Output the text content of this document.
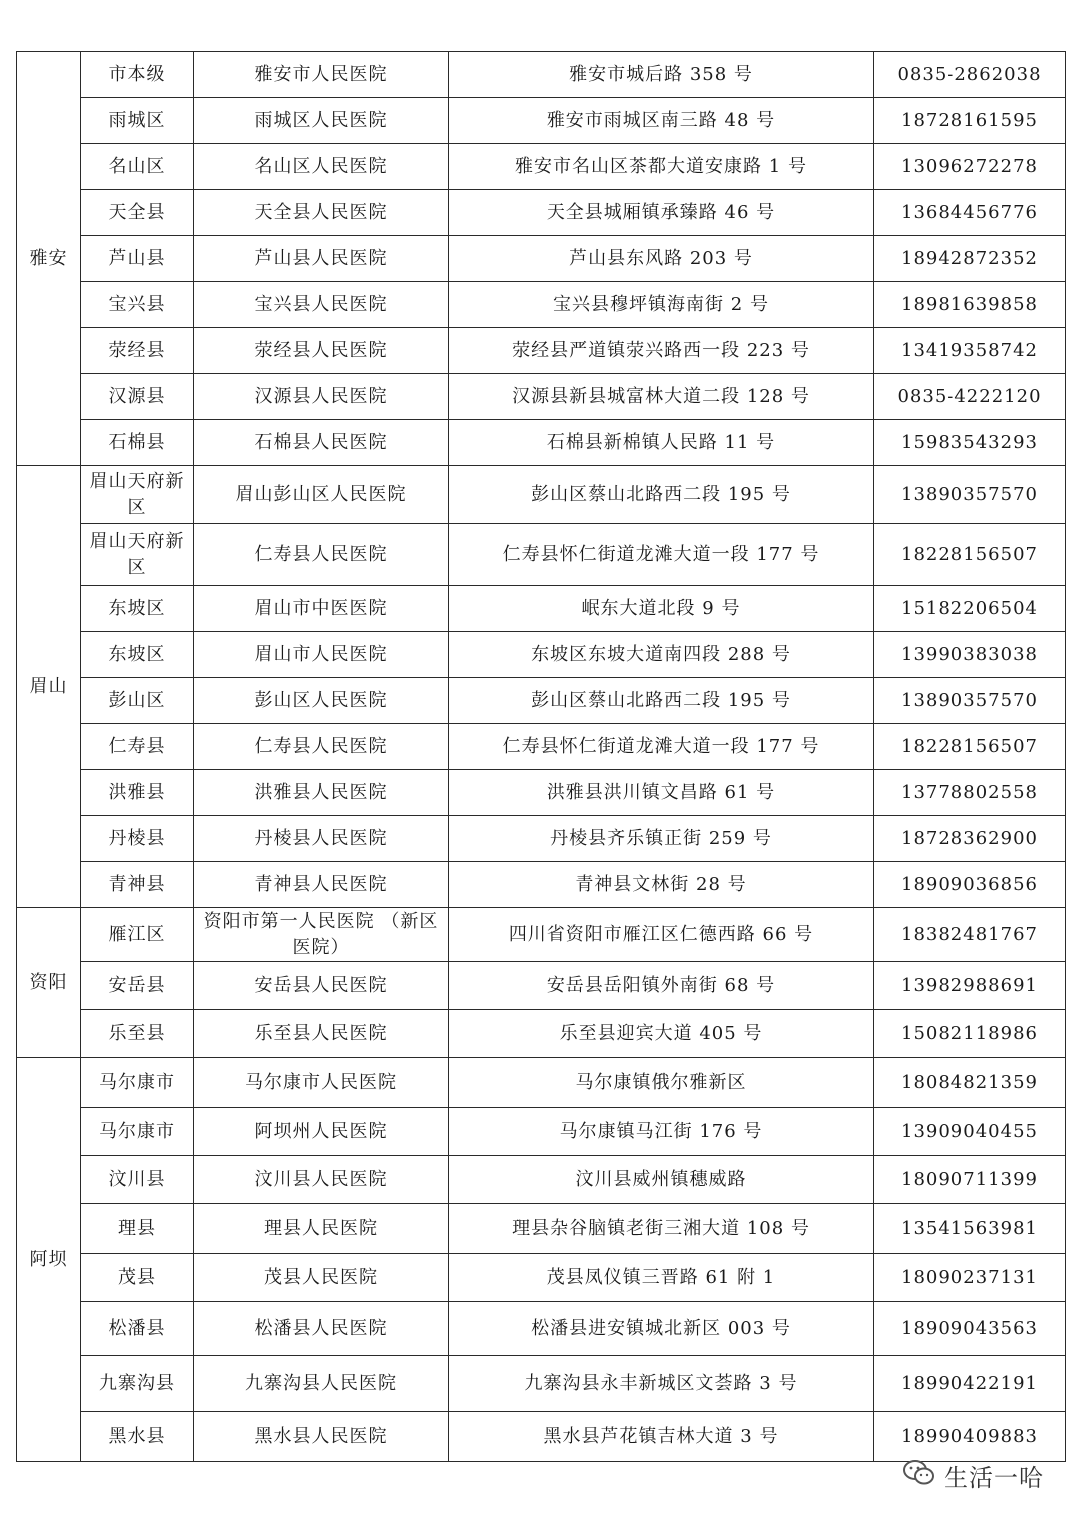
雅安	市本级	雅安市人民医院	雅安市城后路 358 号	0835-2862038
	雨城区	雨城区人民医院	雅安市雨城区南三路 48 号	18728161595
	名山区	名山区人民医院	雅安市名山区茶都大道安康路 1 号	13096272278
	天全县	天全县人民医院	天全县城厢镇承臻路 46 号	13684456776
	芦山县	芦山县人民医院	芦山县东风路 203 号	18942872352
	宝兴县	宝兴县人民医院	宝兴县穆坪镇海南街 2 号	18981639858
	荥经县	荥经县人民医院	荥经县严道镇荥兴路西一段 223 号	13419358742
	汉源县	汉源县人民医院	汉源县新县城富林大道二段 128 号	0835-4222120
	石棉县	石棉县人民医院	石棉县新棉镇人民路 11 号	15983543293
眉山	眉山天府新区	眉山彭山区人民医院	彭山区蔡山北路西二段 195 号	13890357570
	眉山天府新区	仁寿县人民医院	仁寿县怀仁街道龙滩大道一段 177 号	18228156507
	东坡区	眉山市中医医院	岷东大道北段 9 号	15182206504
	东坡区	眉山市人民医院	东坡区东坡大道南四段 288 号	13990383038
	彭山区	彭山区人民医院	彭山区蔡山北路西二段 195 号	13890357570
	仁寿县	仁寿县人民医院	仁寿县怀仁街道龙滩大道一段 177 号	18228156507
	洪雅县	洪雅县人民医院	洪雅县洪川镇文昌路 61 号	13778802558
	丹棱县	丹棱县人民医院	丹棱县齐乐镇正街 259 号	18728362900
	青神县	青神县人民医院	青神县文林街 28 号	18909036856
资阳	雁江区	资阳市第一人民医院 （新区医院）	四川省资阳市雁江区仁德西路 66 号	18382481767
	安岳县	安岳县人民医院	安岳县岳阳镇外南街 68 号	13982988691
	乐至县	乐至县人民医院	乐至县迎宾大道 405 号	15082118986
阿坝	马尔康市	马尔康市人民医院	马尔康镇俄尔雅新区	18084821359
	马尔康市	阿坝州人民医院	马尔康镇马江街 176 号	13909040455
	汶川县	汶川县人民医院	汶川县威州镇穗威路	18090711399
	理县	理县人民医院	理县杂谷脑镇老街三湘大道 108 号	13541563981
	茂县	茂县人民医院	茂县凤仪镇三晋路 61 附 1	18090237131
	松潘县	松潘县人民医院	松潘县进安镇城北新区 003 号	18909043563
	九寨沟县	九寨沟县人民医院	九寨沟县永丰新城区文荟路 3 号	18990422191
	黑水县	黑水县人民医院	黑水县芦花镇吉林大道 3 号	18990409883
生活一哈
